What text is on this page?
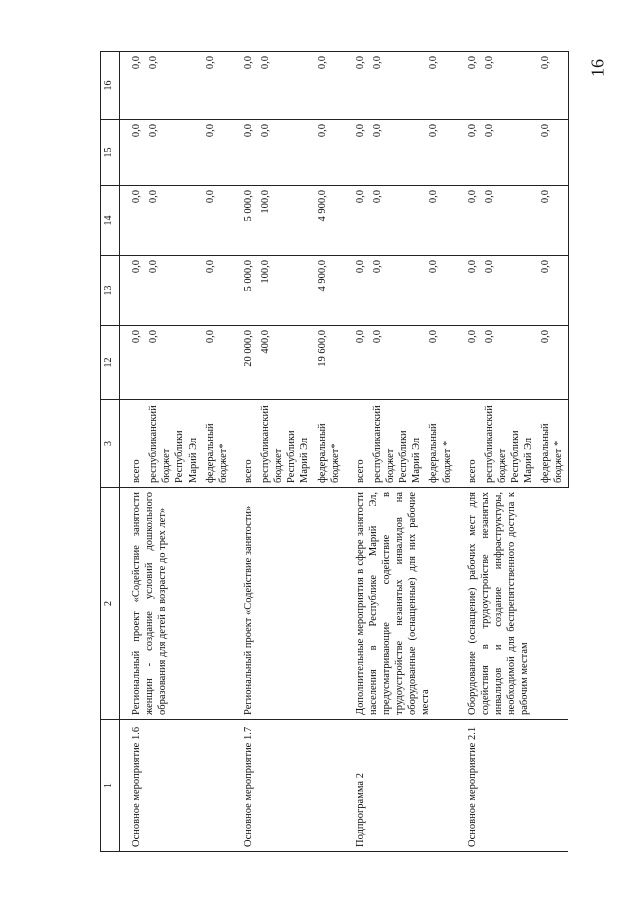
16
1	2	3	12	13	14	15	16
Основное мероприятие 1.6	Региональный проект «Содействие занятости женщин - создание условий дошкольного образования для детей в возрасте до трех лет»	всего	0,0	0,0	0,0	0,0	0,0
		республиканский бюджет Республики Марий Эл	0,0	0,0	0,0	0,0	0,0
		федеральный бюджет*	0,0	0,0	0,0	0,0	0,0
Основное мероприятие 1.7	Региональный проект «Содействие занятости»	всего	20 000,0	5 000,0	5 000,0	0,0	0,0
		республиканский бюджет Республики Марий Эл	400,0	100,0	100,0	0,0	0,0
		федеральный бюджет*	19 600,0	4 900,0	4 900,0	0,0	0,0
Подпрограмма 2	Дополнительные мероприятия в сфере занятости населения в Республике Марий Эл, предусматривающие содействие в трудоустройстве незанятых инвалидов на оборудованные (оснащенные) для них рабочие места	всего	0,0	0,0	0,0	0,0	0,0
		республиканский бюджет Республики Марий Эл	0,0	0,0	0,0	0,0	0,0
		федеральный бюджет *	0,0	0,0	0,0	0,0	0,0
Основное мероприятие 2.1	Оборудование (оснащение) рабочих мест для содействия в трудоустройстве незанятых инвалидов и создание инфраструктуры, необходимой для беспрепятственного доступа к рабочим местам	всего	0,0	0,0	0,0	0,0	0,0
		республиканский бюджет Республики Марий Эл	0,0	0,0	0,0	0,0	0,0
		федеральный бюджет *	0,0	0,0	0,0	0,0	0,0
